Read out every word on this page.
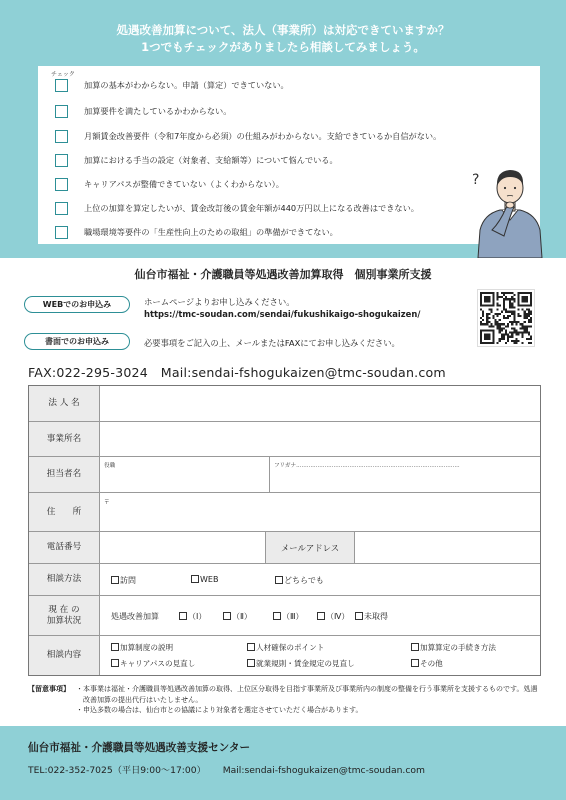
処遇改善加算について、法人（事業所）は対応できていますか？
1つでもチェックがありましたら相談してみましょう。
チェック
加算の基本がわからない。申請（算定）できていない。
加算要件を満たしているかわからない。
月額賃金改善要件（令和7年度から必須）の仕組みがわからない。支給できているか自信がない。
加算における手当の設定（対象者、支給額等）について悩んでいる。
キャリアパスが整備できていない（よくわからない）。
上位の加算を算定したいが、賃金改訂後の賃金年額が440万円以上になる改善はできない。
職場環境等要件の「生産性向上のための取組」の準備ができてない。
?
仙台市福祉・介護職員等処遇改善加算取得　個別事業所支援
WEBでのお申込み	ホームページよりお申し込みください。
https://tmc-soudan.com/sendai/fukushikaigo-shogukaizen/
書面でのお申込み	必要事項をご記入の上、メールまたはFAXにてお申し込みください。
FAX:022-295-3024　Mail:sendai-fshogukaizen@tmc-soudan.com
法 人 名
事業所名
担当者名
役職	フリガナ............................................................................................
住　　所
〒
電話番号	メールアドレス
相談方法	訪問	WEB	どちらでも
現 在 の
加算状況	処遇改善加算	（Ⅰ）	（Ⅱ）	（Ⅲ）	（Ⅳ）	未取得
相談内容
加算制度の説明	人材確保のポイント	加算算定の手続き方法
キャリアパスの見直し	就業規則・賃金規定の見直し	その他
【留意事項】 ・本事業は福祉・介護職員等処遇改善加算の取得、上位区分取得を目指す事業所及び事業所内の制度の整備を行う事業所を支援するものです。処遇改善加算の提出代行はいたしません。
・申込多数の場合は、仙台市との協議により対象者を選定させていただく場合があります。
仙台市福祉・介護職員等処遇改善支援センター
TEL:022-352-7025（平日9:00～17:00） Mail:sendai-fshogukaizen@tmc-soudan.com
